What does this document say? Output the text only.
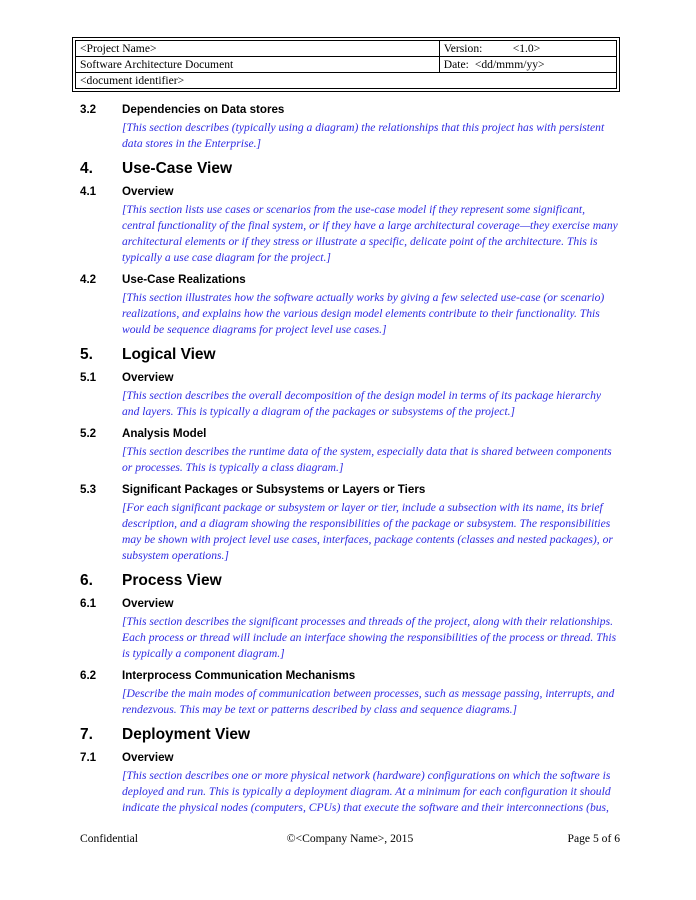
<Project Name>	Version: <1.0>
Software Architecture Document	Date: <dd/mmm/yy>
<document identifier>	
3.2	Dependencies on Data stores

[This section describes (typically using a diagram) the relationships that this project has with persistent data stores in the Enterprise.]

4.	Use-Case View
4.1	Overview

[This section lists use cases or scenarios from the use-case model if they represent some significant, central functionality of the final system, or if they have a large architectural coverage—they exercise many architectural elements or if they stress or illustrate a specific, delicate point of the architecture. This is typically a use case diagram for the project.]

4.2	Use-Case Realizations

[This section illustrates how the software actually works by giving a few selected use-case (or scenario) realizations, and explains how the various design model elements contribute to their functionality. This would be sequence diagrams for project level use cases.]

5.	Logical View
5.1	Overview

[This section describes the overall decomposition of the design model in terms of its package hierarchy and layers. This is typically a diagram of the packages or subsystems of the project.]

5.2	Analysis Model

[This section describes the runtime data of the system, especially data that is shared between components or processes. This is typically a class diagram.]

5.3	Significant Packages or Subsystems or Layers or Tiers

[For each significant package or subsystem or layer or tier, include a subsection with its name, its brief description, and a diagram showing the responsibilities of the package or subsystem. The responsibilities may be shown with project level use cases, interfaces, package contents (classes and nested packages), or subsystem operations.]

6.	Process View
6.1	Overview

[This section describes the significant processes and threads of the project, along with their relationships. Each process or thread will include an interface showing the responsibilities of the process or thread. This is typically a component diagram.]

6.2	Interprocess Communication Mechanisms

[Describe the main modes of communication between processes, such as message passing, interrupts, and rendezvous. This may be text or patterns described by class and sequence diagrams.]

7.	Deployment View
7.1	Overview

[This section describes one or more physical network (hardware) configurations on which the software is deployed and run. This is typically a deployment diagram. At a minimum for each configuration it should indicate the physical nodes (computers, CPUs) that execute the software and their interconnections (bus,

Confidential	©<Company Name>, 2015	Page 5 of 6
